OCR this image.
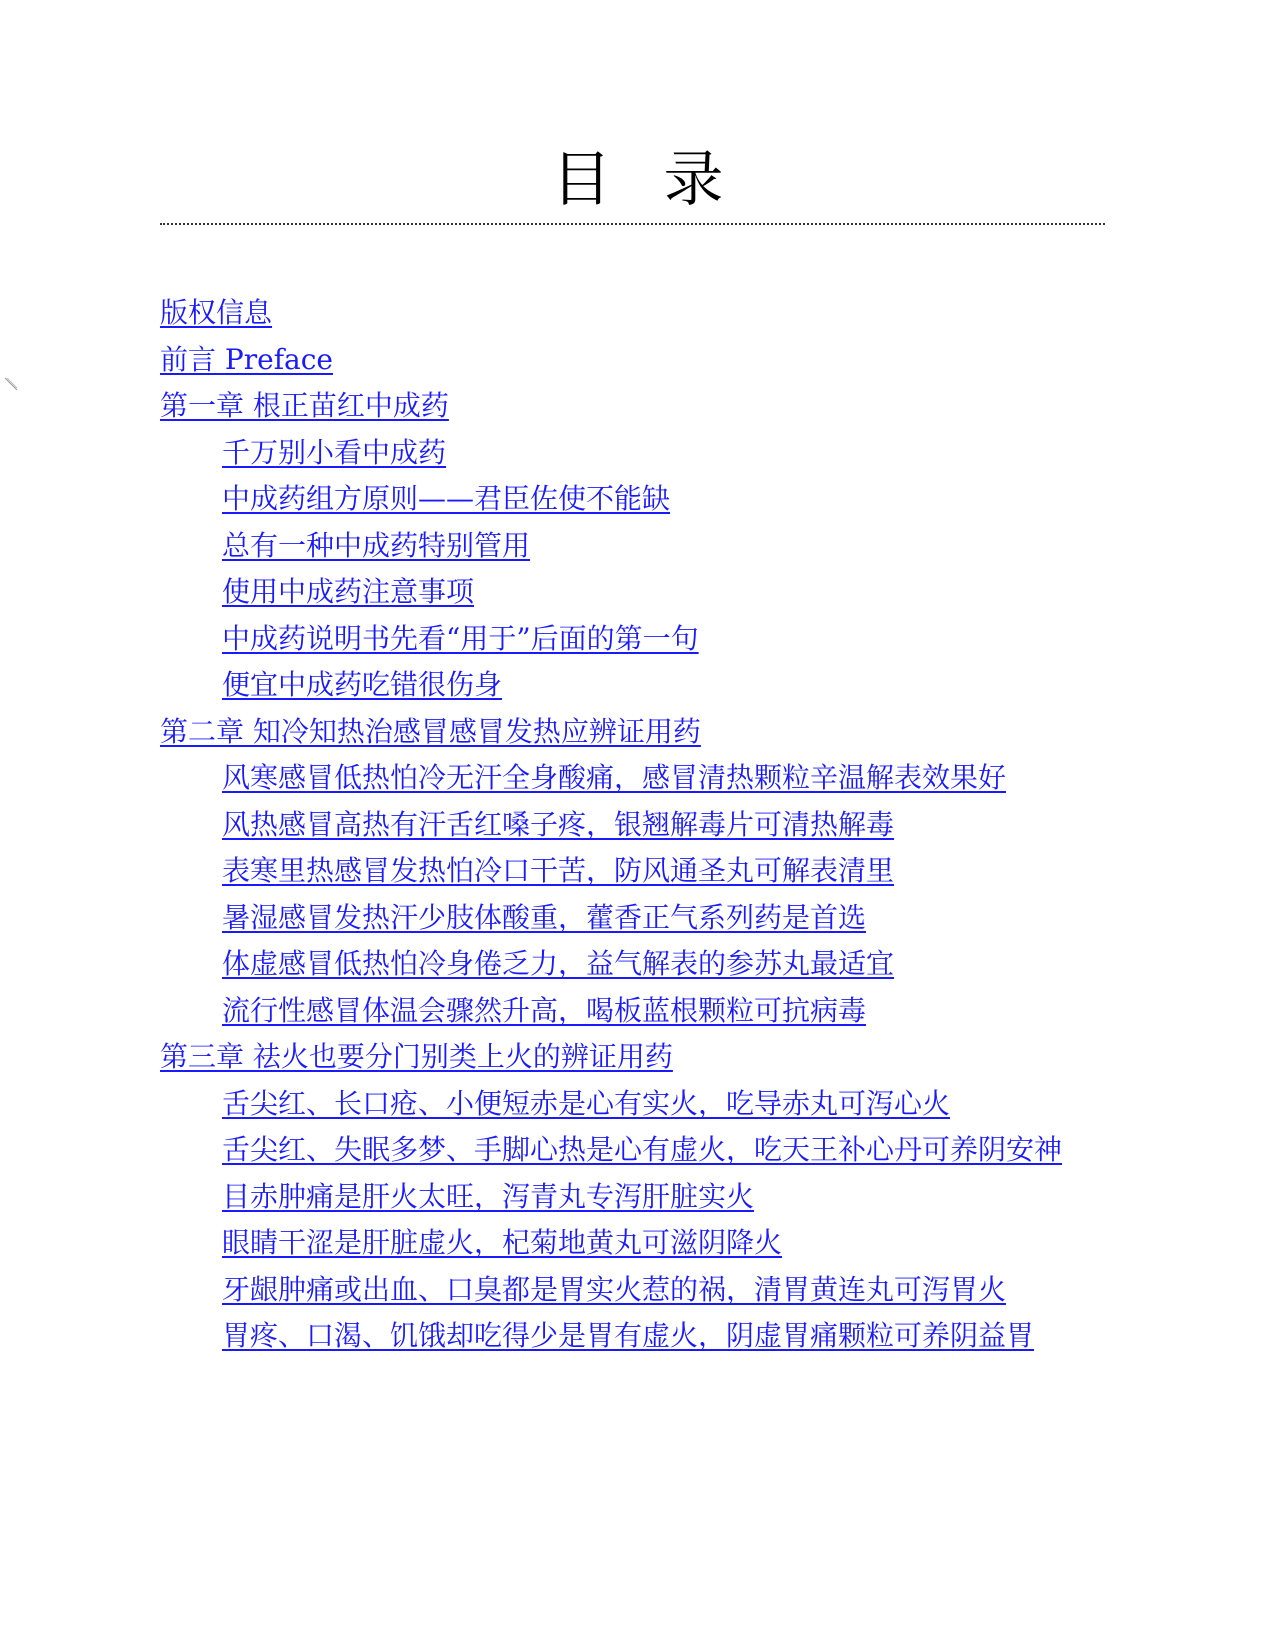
目 录
版权信息
前言 Preface
第一章 根正苗红中成药
千万别小看中成药
中成药组方原则——君臣佐使不能缺
总有一种中成药特别管用
使用中成药注意事项
中成药说明书先看“用于”后面的第一句
便宜中成药吃错很伤身
第二章 知冷知热治感冒感冒发热应辨证用药
风寒感冒低热怕冷无汗全身酸痛，感冒清热颗粒辛温解表效果好
风热感冒高热有汗舌红嗓子疼，银翘解毒片可清热解毒
表寒里热感冒发热怕冷口干苦，防风通圣丸可解表清里
暑湿感冒发热汗少肢体酸重，藿香正气系列药是首选
体虚感冒低热怕冷身倦乏力，益气解表的参苏丸最适宜
流行性感冒体温会骤然升高，喝板蓝根颗粒可抗病毒
第三章 祛火也要分门别类上火的辨证用药
舌尖红、长口疮、小便短赤是心有实火，吃导赤丸可泻心火
舌尖红、失眠多梦、手脚心热是心有虚火，吃天王补心丹可养阴安神
目赤肿痛是肝火太旺，泻青丸专泻肝脏实火
眼睛干涩是肝脏虚火，杞菊地黄丸可滋阴降火
牙龈肿痛或出血、口臭都是胃实火惹的祸，清胃黄连丸可泻胃火
胃疼、口渴、饥饿却吃得少是胃有虚火，阴虚胃痛颗粒可养阴益胃
